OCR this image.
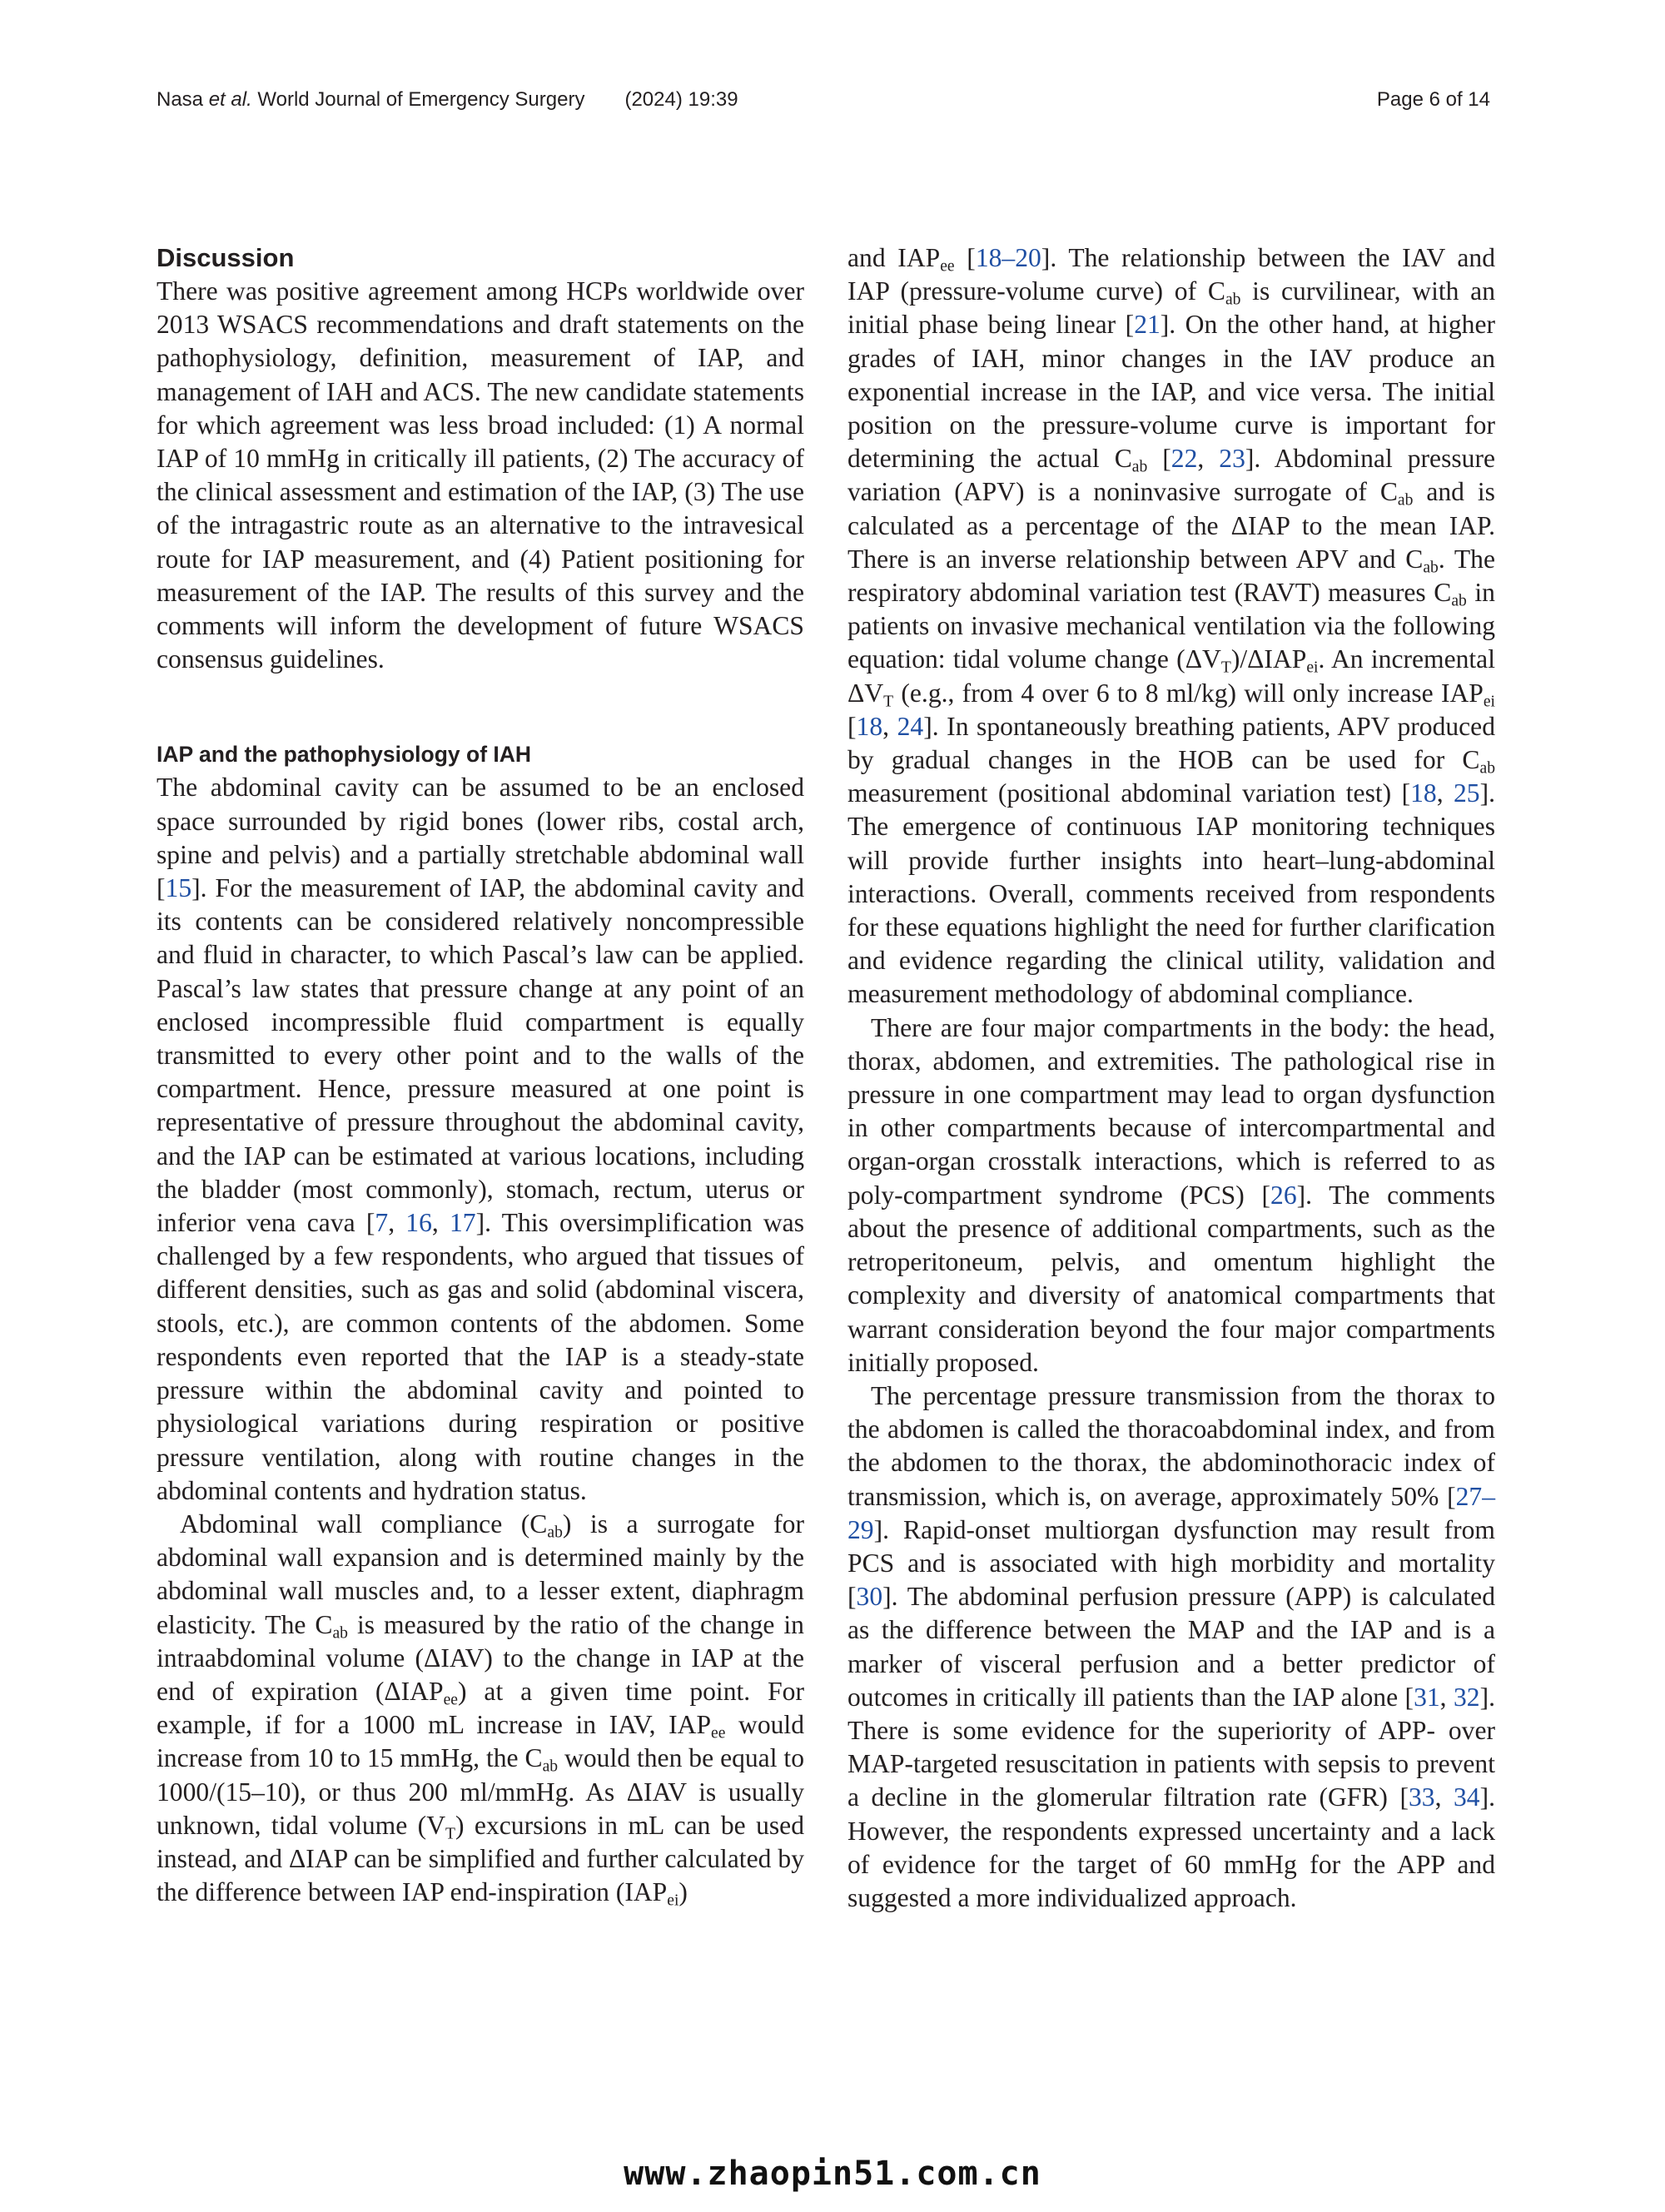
Nasa et al. World Journal of Emergency Surgery (2024) 19:39	Page 6 of 14
Discussion

There was positive agreement among HCPs worldwide over 2013 WSACS recommendations and draft statements on the pathophysiology, definition, measurement of IAP, and management of IAH and ACS. The new candidate statements for which agreement was less broad included: (1) A normal IAP of 10 mmHg in critically ill patients, (2) The accuracy of the clinical assessment and estimation of the IAP, (3) The use of the intragastric route as an alternative to the intravesical route for IAP measurement, and (4) Patient positioning for measurement of the IAP. The results of this survey and the comments will inform the development of future WSACS consensus guidelines.

IAP and the pathophysiology of IAH

The abdominal cavity can be assumed to be an enclosed space surrounded by rigid bones (lower ribs, costal arch, spine and pelvis) and a partially stretchable abdominal wall [15]. For the measurement of IAP, the abdominal cavity and its contents can be considered relatively noncompressible and fluid in character, to which Pascal’s law can be applied. Pascal’s law states that pressure change at any point of an enclosed incompressible fluid compartment is equally transmitted to every other point and to the walls of the compartment. Hence, pressure measured at one point is representative of pressure throughout the abdominal cavity, and the IAP can be estimated at various locations, including the bladder (most commonly), stomach, rectum, uterus or inferior vena cava [7, 16, 17]. This oversimplification was challenged by a few respondents, who argued that tissues of different densities, such as gas and solid (abdominal viscera, stools, etc.), are common contents of the abdomen. Some respondents even reported that the IAP is a steady-state pressure within the abdominal cavity and pointed to physiological variations during respiration or positive pressure ventilation, along with routine changes in the abdominal contents and hydration status.

Abdominal wall compliance $(C_{ab})$ is a surrogate for abdominal wall expansion and is determined mainly by the abdominal wall muscles and, to a lesser extent, diaphragm elasticity. The $C_{ab}$ is measured by the ratio of the change in intraabdominal volume (ΔIAV) to the change in IAP at the end of expiration $(\Delta IAP_{ee})$ at a given time point. For example, if for a 1000 mL increase in IAV, $IAP_{ee}$ would increase from 10 to 15 mmHg, the $C_{ab}$ would then be equal to 1000/(15–10), or thus 200 ml/mmHg. As ΔIAV is usually unknown, tidal volume $(V_T)$ excursions in mL can be used instead, and ΔIAP can be simplified and further calculated by the difference between IAP end-inspiration $(IAP_{ei})$

and $IAP_{ee}$ [18–20]. The relationship between the IAV and IAP (pressure-volume curve) of $C_{ab}$ is curvilinear, with an initial phase being linear [21]. On the other hand, at higher grades of IAH, minor changes in the IAV produce an exponential increase in the IAP, and vice versa. The initial position on the pressure-volume curve is important for determining the actual $C_{ab}$ [22, 23]. Abdominal pressure variation (APV) is a noninvasive surrogate of $C_{ab}$ and is calculated as a percentage of the ΔIAP to the mean IAP. There is an inverse relationship between APV and $C_{ab}$. The respiratory abdominal variation test (RAVT) measures $C_{ab}$ in patients on invasive mechanical ventilation via the following equation: tidal volume change $(\Delta V_T)/\Delta IAP_{ei}$. An incremental $\Delta V_T$ (e.g., from 4 over 6 to 8 ml/kg) will only increase $IAP_{ei}$ [18, 24]. In spontaneously breathing patients, APV produced by gradual changes in the HOB can be used for $C_{ab}$ measurement (positional abdominal variation test) [18, 25]. The emergence of continuous IAP monitoring techniques will provide further insights into heart–lung-abdominal interactions. Overall, comments received from respondents for these equations highlight the need for further clarification and evidence regarding the clinical utility, validation and measurement methodology of abdominal compliance.

There are four major compartments in the body: the head, thorax, abdomen, and extremities. The pathological rise in pressure in one compartment may lead to organ dysfunction in other compartments because of intercompartmental and organ-organ crosstalk interactions, which is referred to as poly-compartment syndrome (PCS) [26]. The comments about the presence of additional compartments, such as the retroperitoneum, pelvis, and omentum highlight the complexity and diversity of anatomical compartments that warrant consideration beyond the four major compartments initially proposed.

The percentage pressure transmission from the thorax to the abdomen is called the thoracoabdominal index, and from the abdomen to the thorax, the abdominothoracic index of transmission, which is, on average, approximately 50% [27–29]. Rapid-onset multiorgan dysfunction may result from PCS and is associated with high morbidity and mortality [30]. The abdominal perfusion pressure (APP) is calculated as the difference between the MAP and the IAP and is a marker of visceral perfusion and a better predictor of outcomes in critically ill patients than the IAP alone [31, 32]. There is some evidence for the superiority of APP- over MAP-targeted resuscitation in patients with sepsis to prevent a decline in the glomerular filtration rate (GFR) [33, 34]. However, the respondents expressed uncertainty and a lack of evidence for the target of 60 mmHg for the APP and suggested a more individualized approach.

www.zhaopin51.com.cn
